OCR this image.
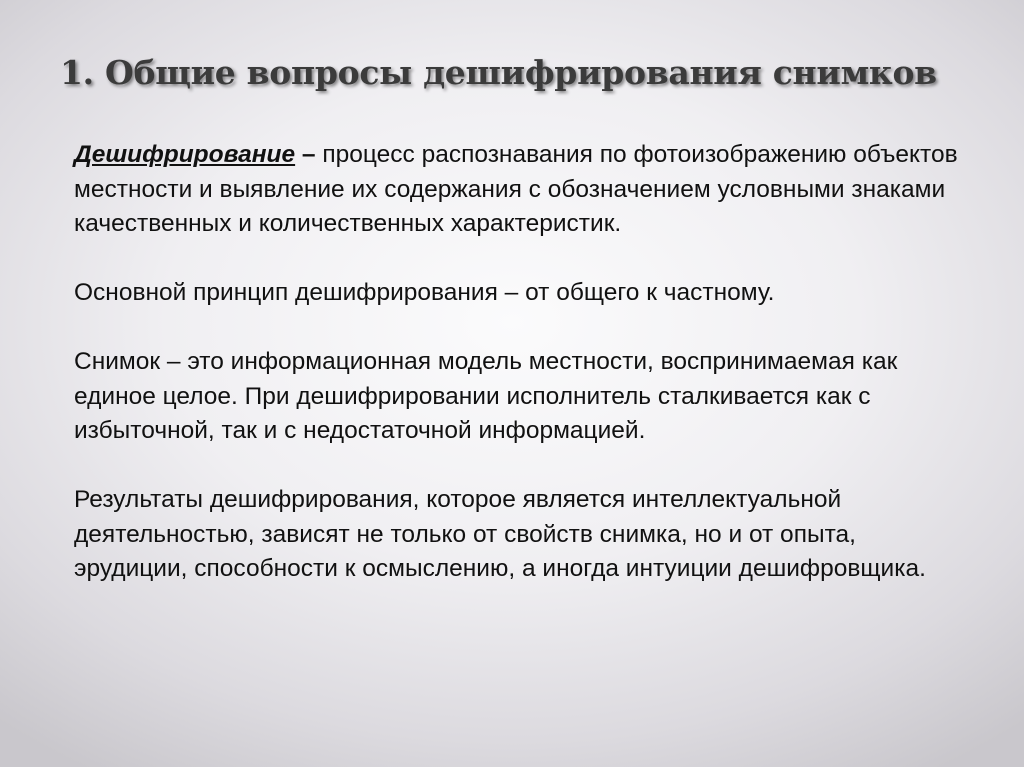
1. Общие вопросы дешифрирования снимков

Дешифрирование – процесс распознавания по фотоизображению объектов местности и выявление их содержания с обозначением условными знаками качественных и количественных характеристик.

Основной принцип дешифрирования – от общего к частному.

Снимок – это информационная модель местности, воспринимаемая как единое целое. При дешифрировании исполнитель сталкивается как с избыточной, так и с недостаточной информацией.

Результаты дешифрирования, которое является интеллектуальной деятельностью, зависят не только от свойств снимка, но и от опыта, эрудиции, способности к осмыслению, а иногда интуиции дешифровщика.
